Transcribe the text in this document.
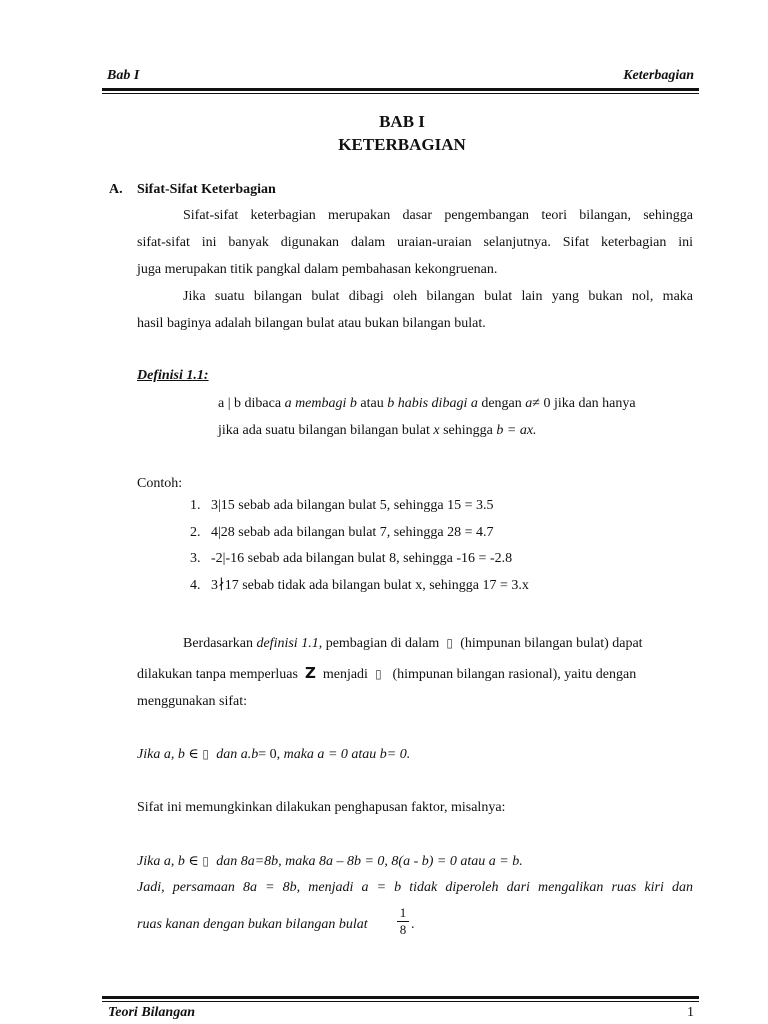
Bab I	Keterbagian
BAB I
KETERBAGIAN
A. Sifat-Sifat Keterbagian
Sifat-sifat keterbagian merupakan dasar pengembangan teori bilangan, sehingga
sifat-sifat ini banyak digunakan dalam uraian-uraian selanjutnya. Sifat keterbagian ini
juga merupakan titik pangkal dalam pembahasan kekongruenan.
Jika suatu bilangan bulat dibagi oleh bilangan bulat lain yang bukan nol, maka
hasil baginya adalah bilangan bulat atau bukan bilangan bulat.
Definisi 1.1:
a | b dibaca a membagi b atau b habis dibagi a dengan a≠ 0 jika dan hanya
jika ada suatu bilangan bilangan bulat x sehingga b = ax.
Contoh:
1. 3|15 sebab ada bilangan bulat 5, sehingga 15 = 3.5
2. 4|28 sebab ada bilangan bulat 7, sehingga 28 = 4.7
3. -2|-16 sebab ada bilangan bulat 8, sehingga -16 = -2.8
4. 3∤17 sebab tidak ada bilangan bulat x, sehingga 17 = 3.x
Berdasarkan definisi 1.1, pembagian di dalam ▯ (himpunan bilangan bulat) dapat
dilakukan tanpa memperluas Z menjadi ▯ (himpunan bilangan rasional), yaitu dengan
menggunakan sifat:
Jika a, b ∈ ▯ dan a.b= 0, maka a = 0 atau b= 0.
Sifat ini memungkinkan dilakukan penghapusan faktor, misalnya:
Jika a, b ∈ ▯ dan 8a=8b, maka 8a – 8b = 0, 8(a - b) = 0 atau a = b.
Jadi, persamaan 8a = 8b, menjadi a = b tidak diperoleh dari mengalikan ruas kiri dan
ruas kanan dengan bukan bilangan bulat
1
8 .
Teori Bilangan	1
